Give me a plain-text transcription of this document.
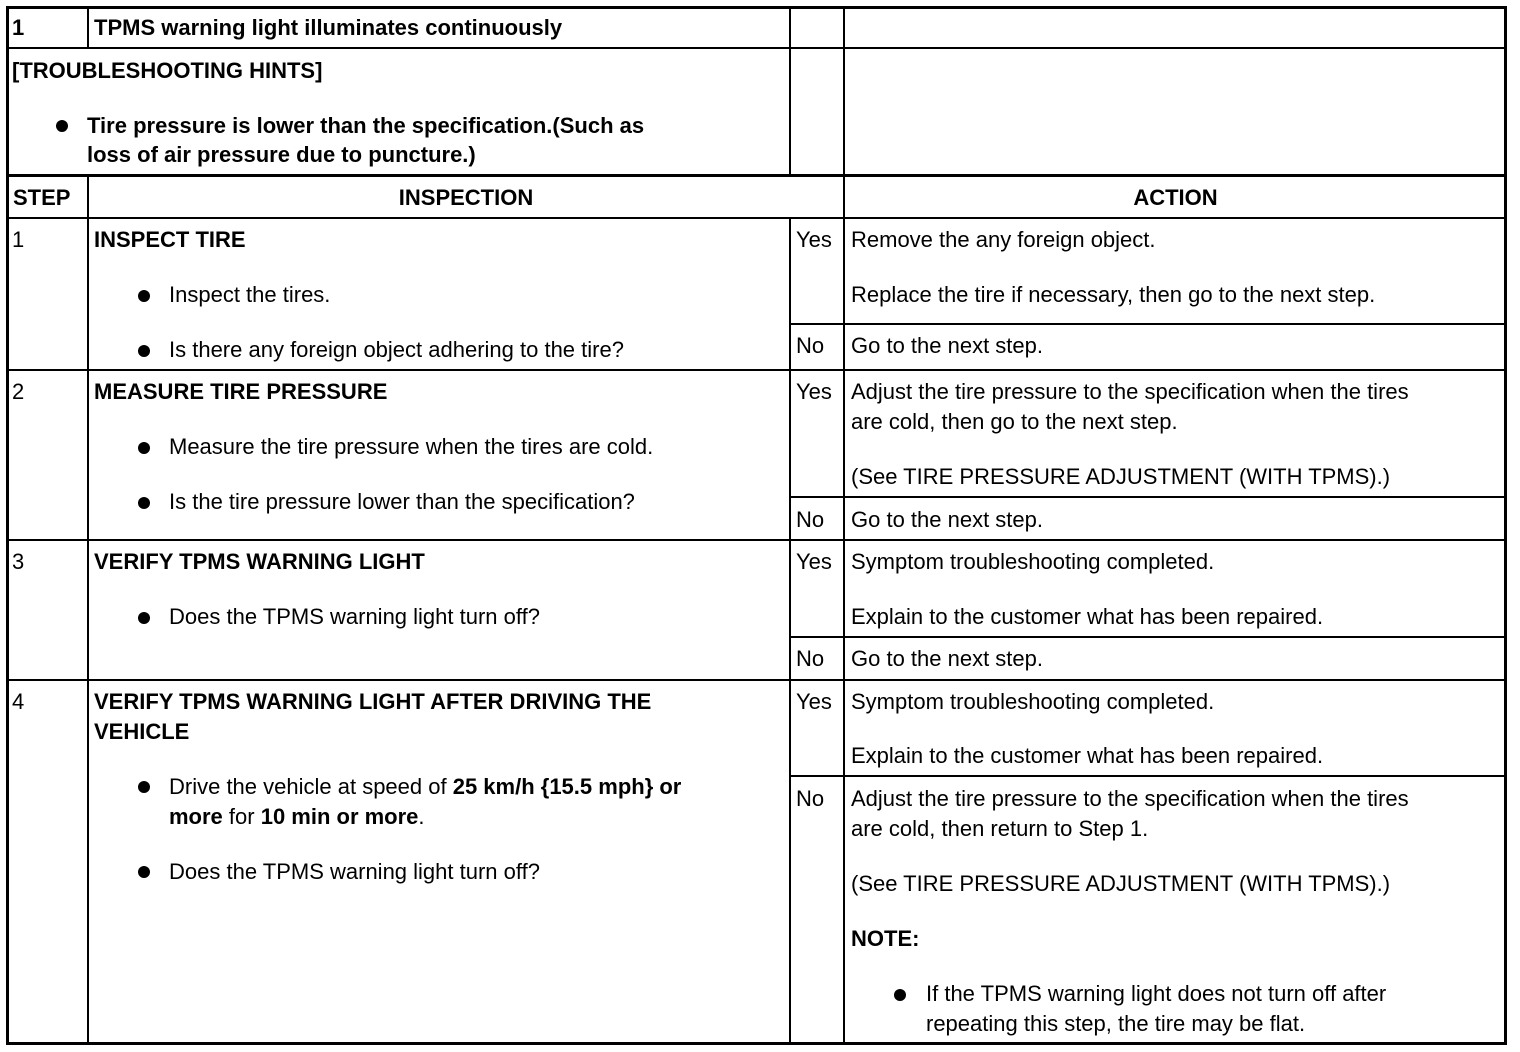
1	TPMS warning light illuminates continuously
[TROUBLESHOOTING HINTS]
Tire pressure is lower than the specification.(Such as
loss of air pressure due to puncture.)
STEP	INSPECTION	ACTION
1	INSPECT TIRE
Inspect the tires.
Is there any foreign object adhering to the tire?
Yes Remove the any foreign object.
Replace the tire if necessary, then go to the next step.
No Go to the next step.
2	MEASURE TIRE PRESSURE
Measure the tire pressure when the tires are cold.
Is the tire pressure lower than the specification?
Yes Adjust the tire pressure to the specification when the tires
are cold, then go to the next step.
(See TIRE PRESSURE ADJUSTMENT (WITH TPMS).)
No Go to the next step.
3	VERIFY TPMS WARNING LIGHT
Does the TPMS warning light turn off?
Yes Symptom troubleshooting completed.
Explain to the customer what has been repaired.
No Go to the next step.
4	VERIFY TPMS WARNING LIGHT AFTER DRIVING THE
VEHICLE
Drive the vehicle at speed of 25 km/h {15.5 mph} or
more for 10 min or more.
Does the TPMS warning light turn off?
Yes Symptom troubleshooting completed.
Explain to the customer what has been repaired.
No Adjust the tire pressure to the specification when the tires
are cold, then return to Step 1.
(See TIRE PRESSURE ADJUSTMENT (WITH TPMS).)
NOTE:
If the TPMS warning light does not turn off after
repeating this step, the tire may be flat.
